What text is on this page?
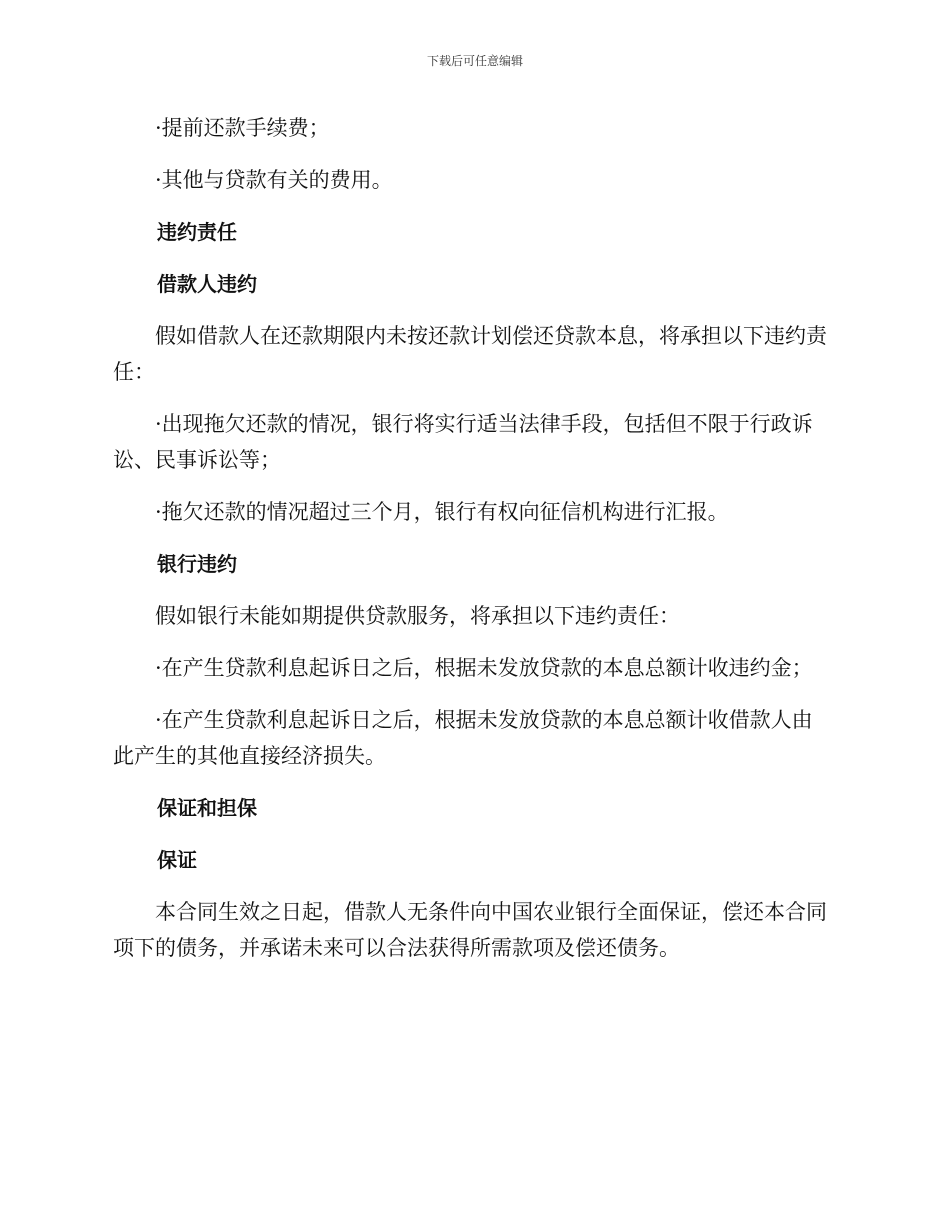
下载后可任意编辑

·提前还款手续费；

·其他与贷款有关的费用。

违约责任

借款人违约

假如借款人在还款期限内未按还款计划偿还贷款本息，将承担以下违约责任：

·出现拖欠还款的情况，银行将实行适当法律手段，包括但不限于行政诉讼、民事诉讼等；

·拖欠还款的情况超过三个月，银行有权向征信机构进行汇报。

银行违约

假如银行未能如期提供贷款服务，将承担以下违约责任：

·在产生贷款利息起诉日之后，根据未发放贷款的本息总额计收违约金；

·在产生贷款利息起诉日之后，根据未发放贷款的本息总额计收借款人由此产生的其他直接经济损失。

保证和担保

保证

本合同生效之日起，借款人无条件向中国农业银行全面保证，偿还本合同项下的债务，并承诺未来可以合法获得所需款项及偿还债务。
